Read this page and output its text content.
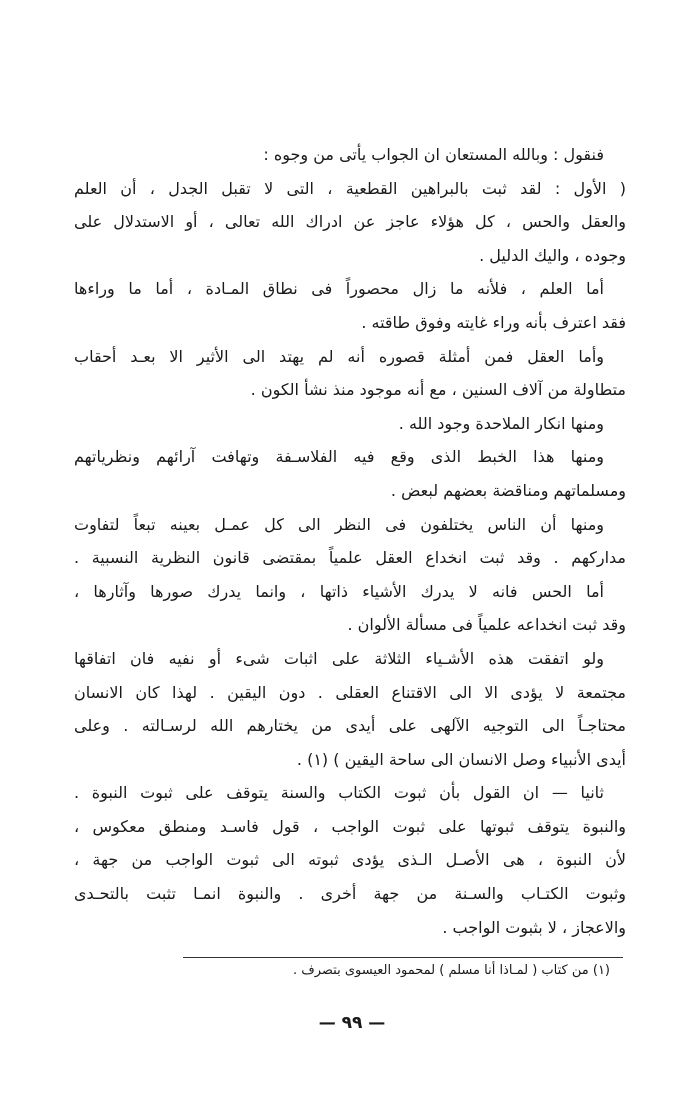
فنقول : وبالله المستعان ان الجواب يأتى من وجوه :
( الأول : لقد ثبت بالبراهين القطعية ، التى لا تقبل الجدل ، أن العلم
والعقل والحس ، كل هؤلاء عاجز عن ادراك الله تعالى ، أو الاستدلال على
وجوده ، واليك الدليل .
أما العلم ، فلأنه ما زال محصوراً فى نطاق المـادة ، أما ما وراءها
فقد اعترف بأنه وراء غايته وفوق طاقته .
وأما العقل فمن أمثلة قصوره أنه لم يهتد الى الأثير الا بعـد أحقاب
متطاولة من آلاف السنين ، مع أنه موجود منذ نشأ الكون .
ومنها انكار الملاحدة وجود الله .
ومنها هذا الخبط الذى وقع فيه الفلاسـفة وتهافت آرائهم ونظرياتهم
ومسلماتهم ومناقضة بعضهم لبعض .
ومنها أن الناس يختلفون فى النظر الى كل عمـل بعينه تبعاً لتفاوت
مداركهم . وقد ثبت انخداع العقل علمياً بمقتضى قانون النظرية النسبية .
أما الحس فانه لا يدرك الأشياء ذاتها ، وانما يدرك صورها وآثارها ،
وقد ثبت انخداعه علمياً فى مسألة الألوان .
ولو اتفقت هذه الأشـياء الثلاثة على اثبات شىء أو نفيه فان اتفاقها
مجتمعة لا يؤدى الا الى الاقتناع العقلى . دون اليقين . لهذا كان الانسان
محتاجـاً الى التوجيه الآلهى على أيدى من يختارهم الله لرسـالته . وعلى
أيدى الأنبياء وصل الانسان الى ساحة اليقين ) (١) .
ثانيا — ان القول بأن ثبوت الكتاب والسنة يتوقف على ثبوت النبوة .
والنبوة يتوقف ثبوتها على ثبوت الواجب ، قول فاسـد ومنطق معكوس ،
لأن النبوة ، هى الأصـل الـذى يؤدى ثبوته الى ثبوت الواجب من جهة ،
وثبوت الكتـاب والسـنة من جهة أخرى . والنبوة انمـا تثبت بالتحـدى
والاعجاز ، لا بثبوت الواجب .
(١) من كتاب ( لمـاذا أنا مسلم ) لمحمود العيسوى بتصرف .
— ٩٩ —
